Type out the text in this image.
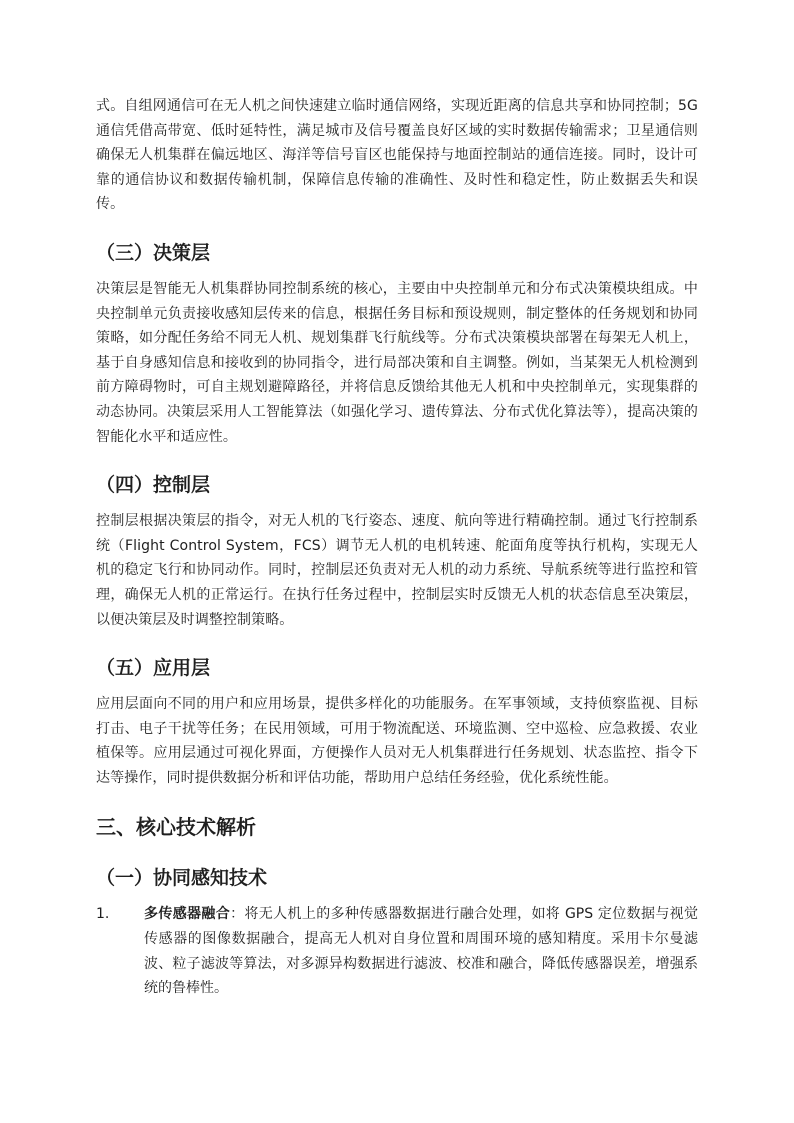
式。自组网通信可在无人机之间快速建立临时通信网络，实现近距离的信息共享和协同控制；5G 通信凭借高带宽、低时延特性，满足城市及信号覆盖良好区域的实时数据传输需求；卫星通信则确保无人机集群在偏远地区、海洋等信号盲区也能保持与地面控制站的通信连接。同时，设计可靠的通信协议和数据传输机制，保障信息传输的准确性、及时性和稳定性，防止数据丢失和误传。

（三）决策层

决策层是智能无人机集群协同控制系统的核心，主要由中央控制单元和分布式决策模块组成。中央控制单元负责接收感知层传来的信息，根据任务目标和预设规则，制定整体的任务规划和协同策略，如分配任务给不同无人机、规划集群飞行航线等。分布式决策模块部署在每架无人机上，基于自身感知信息和接收到的协同指令，进行局部决策和自主调整。例如，当某架无人机检测到前方障碍物时，可自主规划避障路径，并将信息反馈给其他无人机和中央控制单元，实现集群的动态协同。决策层采用人工智能算法（如强化学习、遗传算法、分布式优化算法等），提高决策的智能化水平和适应性。

（四）控制层

控制层根据决策层的指令，对无人机的飞行姿态、速度、航向等进行精确控制。通过飞行控制系统（Flight Control System，FCS）调节无人机的电机转速、舵面角度等执行机构，实现无人机的稳定飞行和协同动作。同时，控制层还负责对无人机的动力系统、导航系统等进行监控和管理，确保无人机的正常运行。在执行任务过程中，控制层实时反馈无人机的状态信息至决策层，以便决策层及时调整控制策略。

（五）应用层

应用层面向不同的用户和应用场景，提供多样化的功能服务。在军事领域，支持侦察监视、目标打击、电子干扰等任务；在民用领域，可用于物流配送、环境监测、空中巡检、应急救援、农业植保等。应用层通过可视化界面，方便操作人员对无人机集群进行任务规划、状态监控、指令下达等操作，同时提供数据分析和评估功能，帮助用户总结任务经验，优化系统性能。

三、核心技术解析
（一）协同感知技术
1. 多传感器融合：将无人机上的多种传感器数据进行融合处理，如将 GPS 定位数据与视觉传感器的图像数据融合，提高无人机对自身位置和周围环境的感知精度。采用卡尔曼滤波、粒子滤波等算法，对多源异构数据进行滤波、校准和融合，降低传感器误差，增强系统的鲁棒性。
